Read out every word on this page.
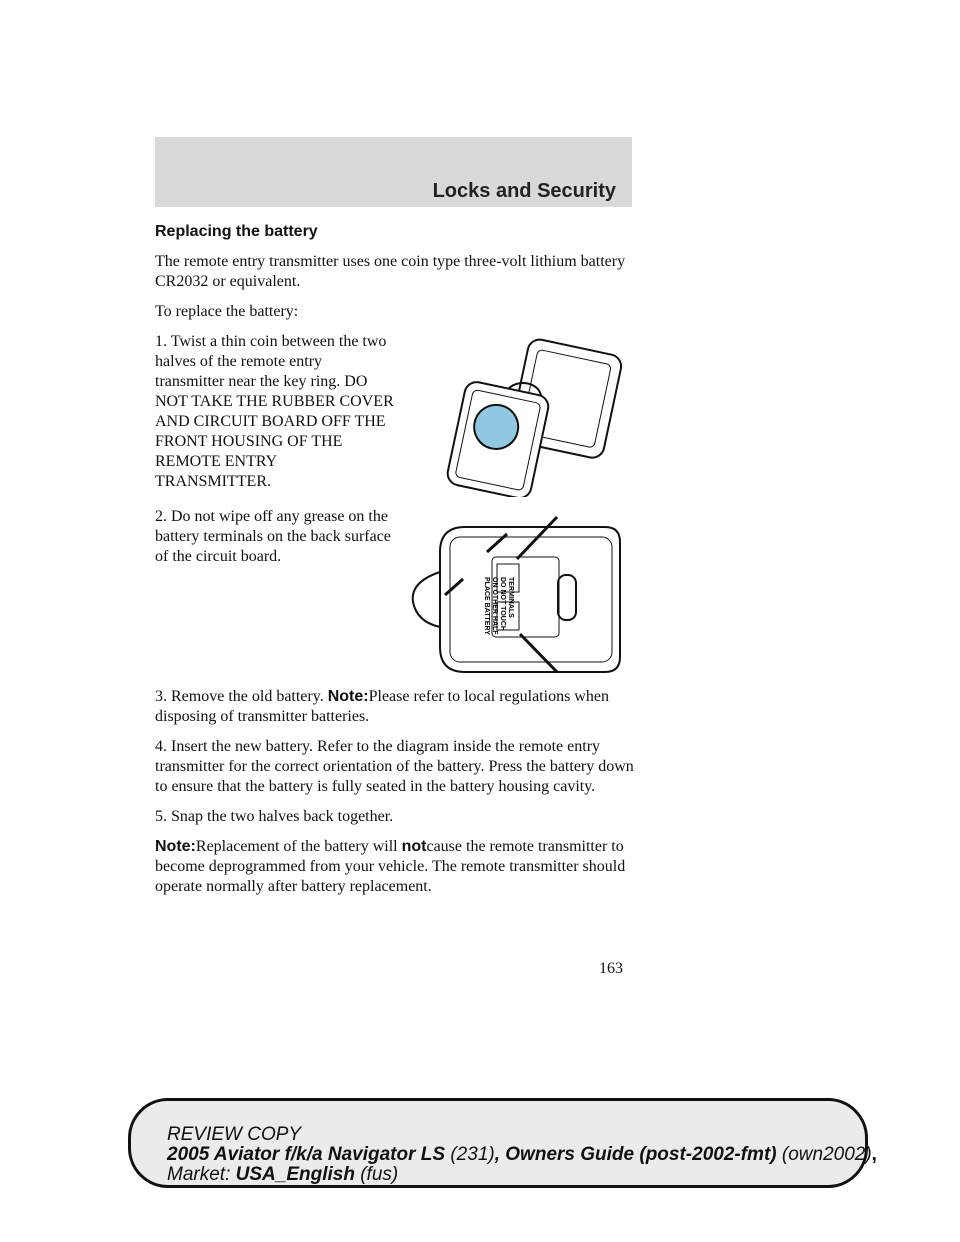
Locks and Security
Replacing the battery
The remote entry transmitter uses one coin type three-volt lithium battery CR2032 or equivalent.
To replace the battery:
1. Twist a thin coin between the two halves of the remote entry transmitter near the key ring. DO NOT TAKE THE RUBBER COVER AND CIRCUIT BOARD OFF THE FRONT HOUSING OF THE REMOTE ENTRY TRANSMITTER.
2. Do not wipe off any grease on the battery terminals on the back surface of the circuit board.
PLACE BATTERY ON OTHER HALF DO NOT TOUCH TERMINALS
3. Remove the old battery. Note:Please refer to local regulations when disposing of transmitter batteries.
4. Insert the new battery. Refer to the diagram inside the remote entry transmitter for the correct orientation of the battery. Press the battery down to ensure that the battery is fully seated in the battery housing cavity.
5. Snap the two halves back together.
Note:Replacement of the battery will notcause the remote transmitter to become deprogrammed from your vehicle. The remote transmitter should operate normally after battery replacement.
163
REVIEW COPY
2005 Aviator f/k/a Navigator LS (231), Owners Guide (post-2002-fmt) (own2002),
Market: USA_English (fus)
